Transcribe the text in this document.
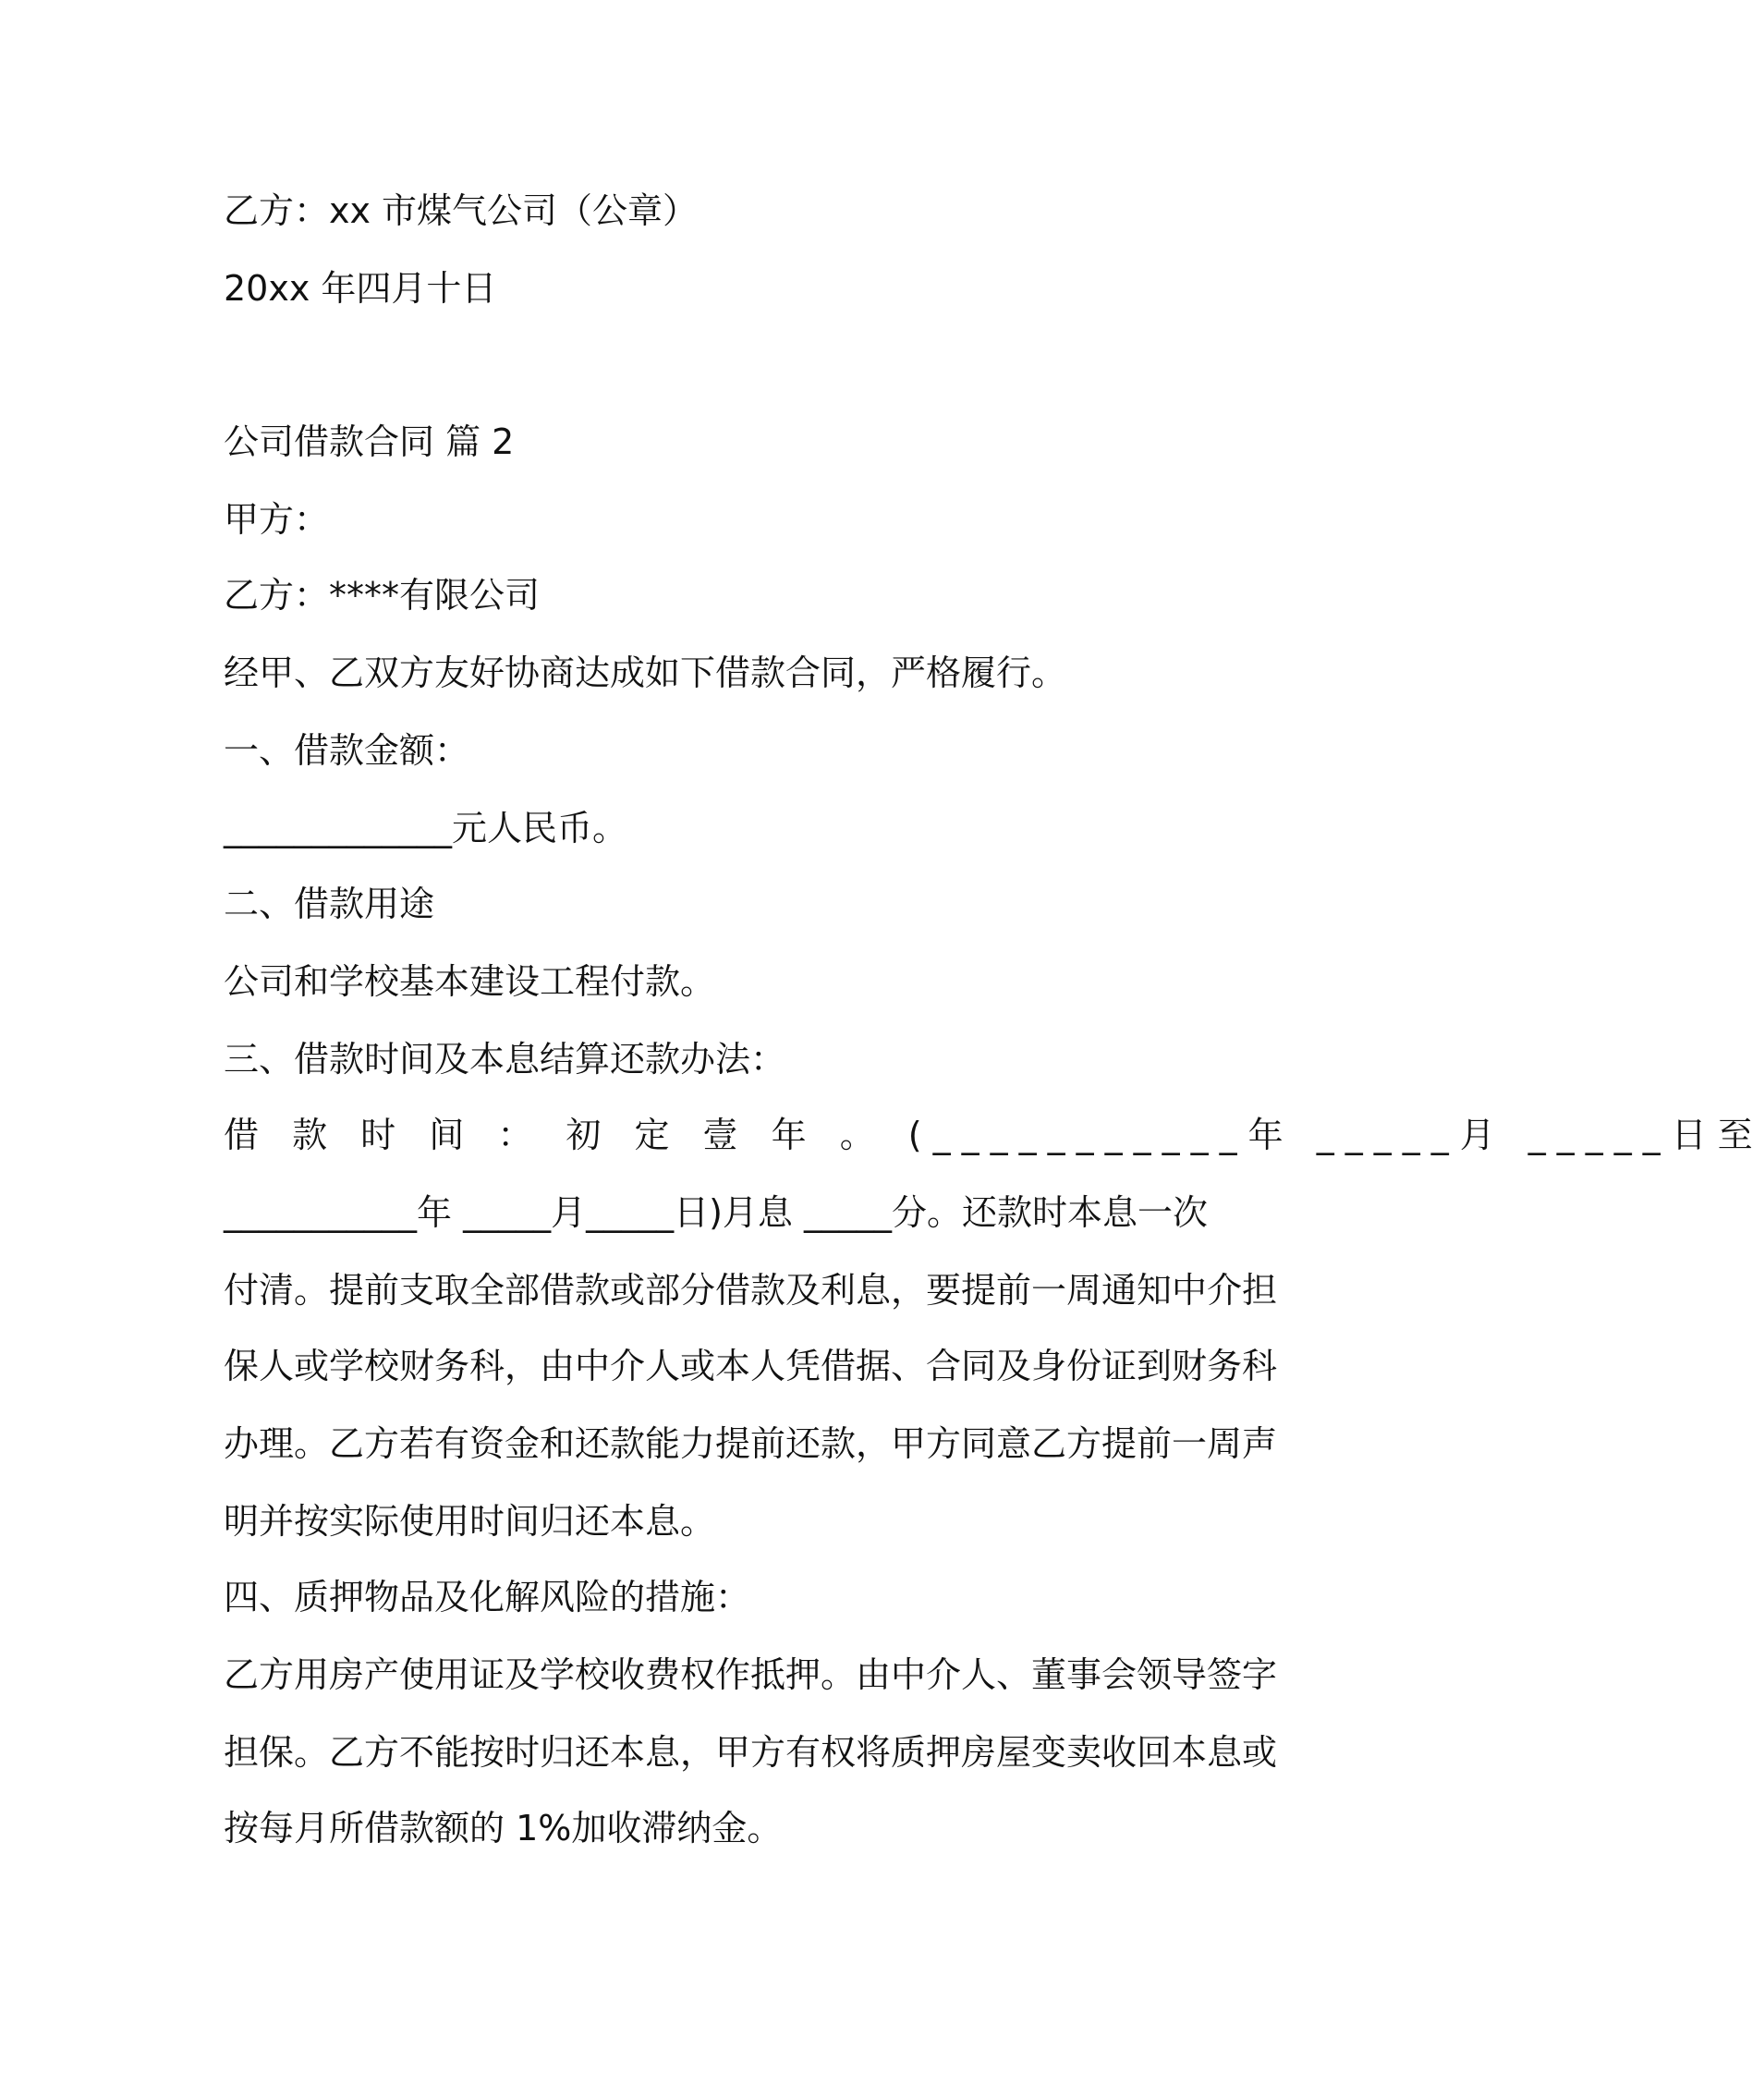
乙方：xx 市煤气公司（公章）
20xx 年四月十日
公司借款合同 篇 2
甲方：
乙方：****有限公司
经甲、乙双方友好协商达成如下借款合同，严格履行。
一、借款金额：
_____________元人民币。
二、借款用途
公司和学校基本建设工程付款。
三、借款时间及本息结算还款办法：
借 款 时 间 ： 初 定 壹 年 。 (___________年 _____月 _____日至
___________年 _____月_____日)月息 _____分。还款时本息一次
付清。提前支取全部借款或部分借款及利息，要提前一周通知中介担
保人或学校财务科，由中介人或本人凭借据、合同及身份证到财务科
办理。乙方若有资金和还款能力提前还款，甲方同意乙方提前一周声
明并按实际使用时间归还本息。
四、质押物品及化解风险的措施：
乙方用房产使用证及学校收费权作抵押。由中介人、董事会领导签字
担保。乙方不能按时归还本息，甲方有权将质押房屋变卖收回本息或
按每月所借款额的 1%加收滞纳金。
